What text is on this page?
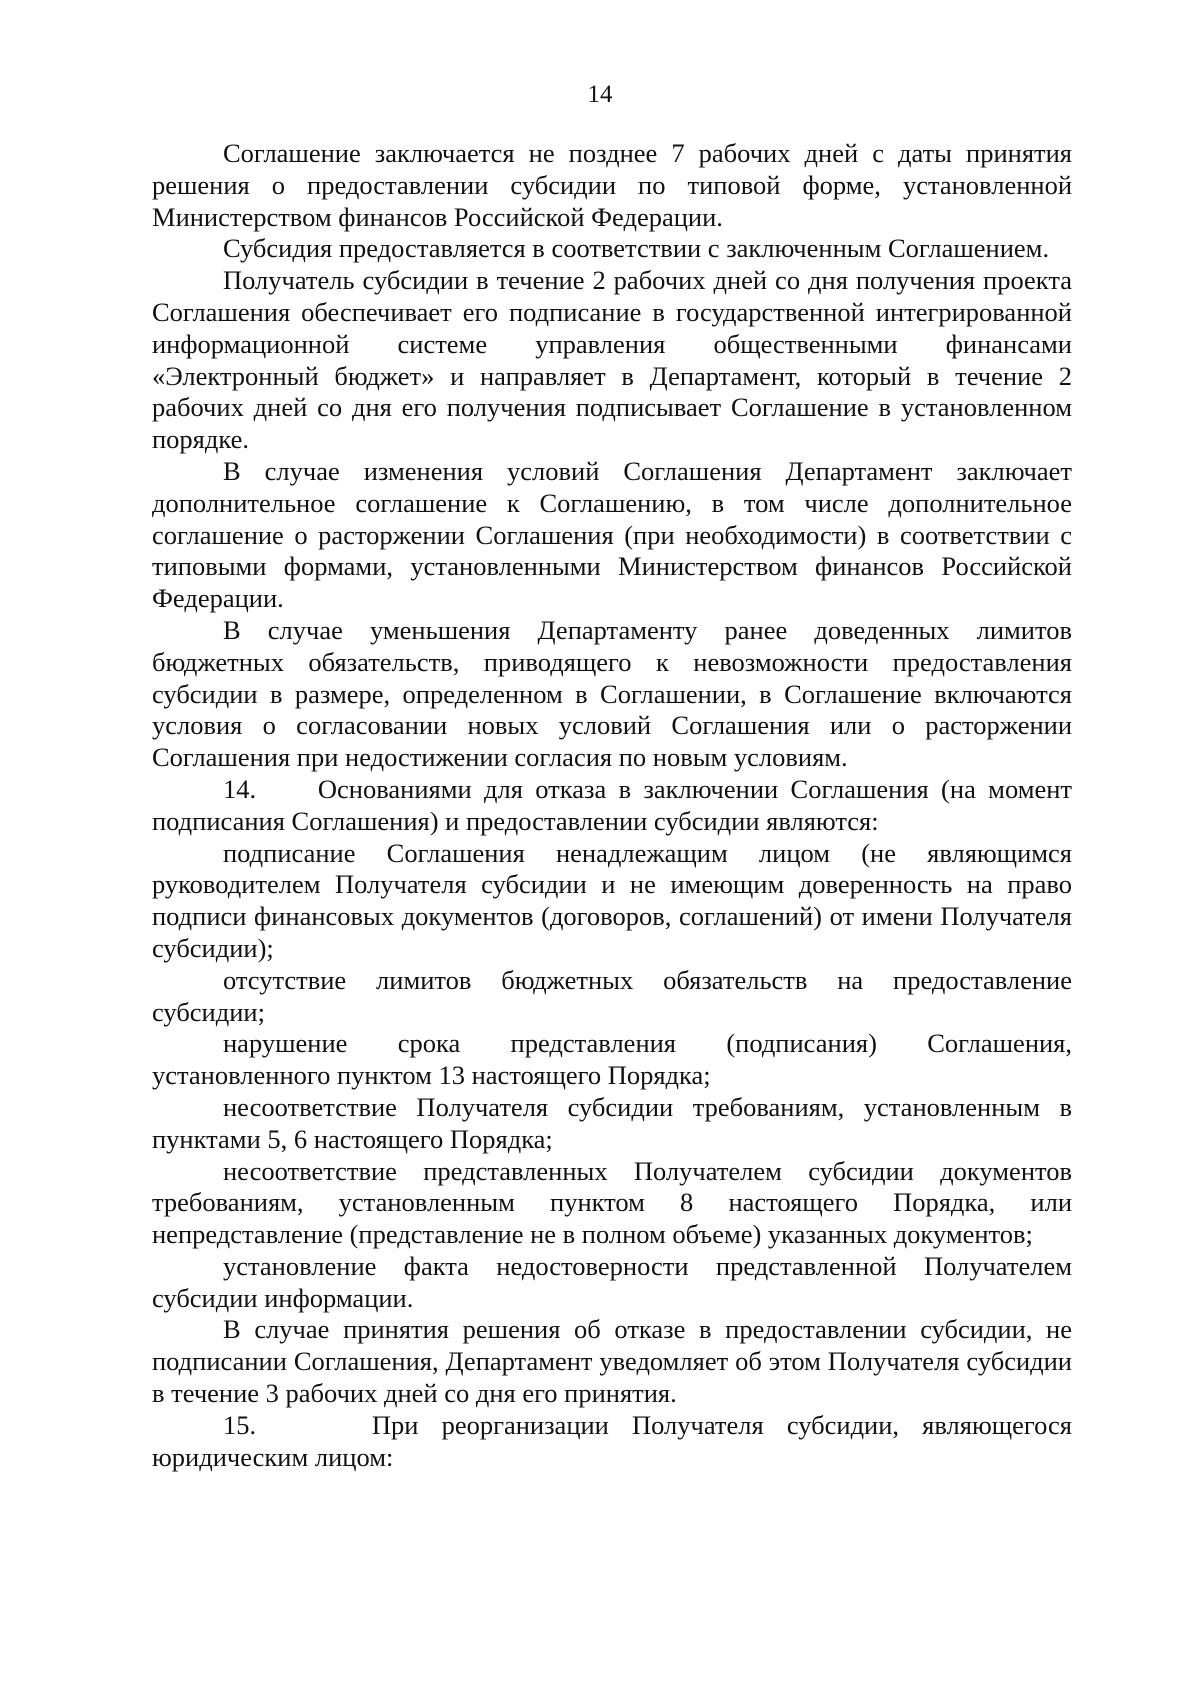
14

Соглашение заключается не позднее 7 рабочих дней с даты принятия решения о предоставлении субсидии по типовой форме, установленной Министерством финансов Российской Федерации.

Субсидия предоставляется в соответствии с заключенным Соглашением.

Получатель субсидии в течение 2 рабочих дней со дня получения проекта Соглашения обеспечивает его подписание в государственной интегрированной информационной системе управления общественными финансами «Электронный бюджет» и направляет в Департамент, который в течение 2 рабочих дней со дня его получения подписывает Соглашение в установленном порядке.

В случае изменения условий Соглашения Департамент заключает дополнительное соглашение к Соглашению, в том числе дополнительное соглашение о расторжении Соглашения (при необходимости) в соответствии с типовыми формами, установленными Министерством финансов Российской Федерации.

В случае уменьшения Департаменту ранее доведенных лимитов бюджетных обязательств, приводящего к невозможности предоставления субсидии в размере, определенном в Соглашении, в Соглашение включаются условия о согласовании новых условий Соглашения или о расторжении Соглашения при недостижении согласия по новым условиям.

14.     Основаниями для отказа в заключении Соглашения (на момент подписания Соглашения) и предоставлении субсидии являются:

подписание Соглашения ненадлежащим лицом (не являющимся руководителем Получателя субсидии и не имеющим доверенность на право подписи финансовых документов (договоров, соглашений) от имени Получателя субсидии);

отсутствие лимитов бюджетных обязательств на предоставление субсидии;

нарушение срока представления (подписания) Соглашения, установленного пунктом 13 настоящего Порядка;

несоответствие Получателя субсидии требованиям, установленным в пунктами 5, 6 настоящего Порядка;

несоответствие представленных Получателем субсидии документов требованиям, установленным пунктом 8 настоящего Порядка, или непредставление (представление не в полном объеме) указанных документов;

установление факта недостоверности представленной Получателем субсидии информации.

В случае принятия решения об отказе в предоставлении субсидии, не подписании Соглашения, Департамент уведомляет об этом Получателя субсидии в течение 3 рабочих дней со дня его принятия.

15.     При реорганизации Получателя субсидии, являющегося юридическим лицом:
